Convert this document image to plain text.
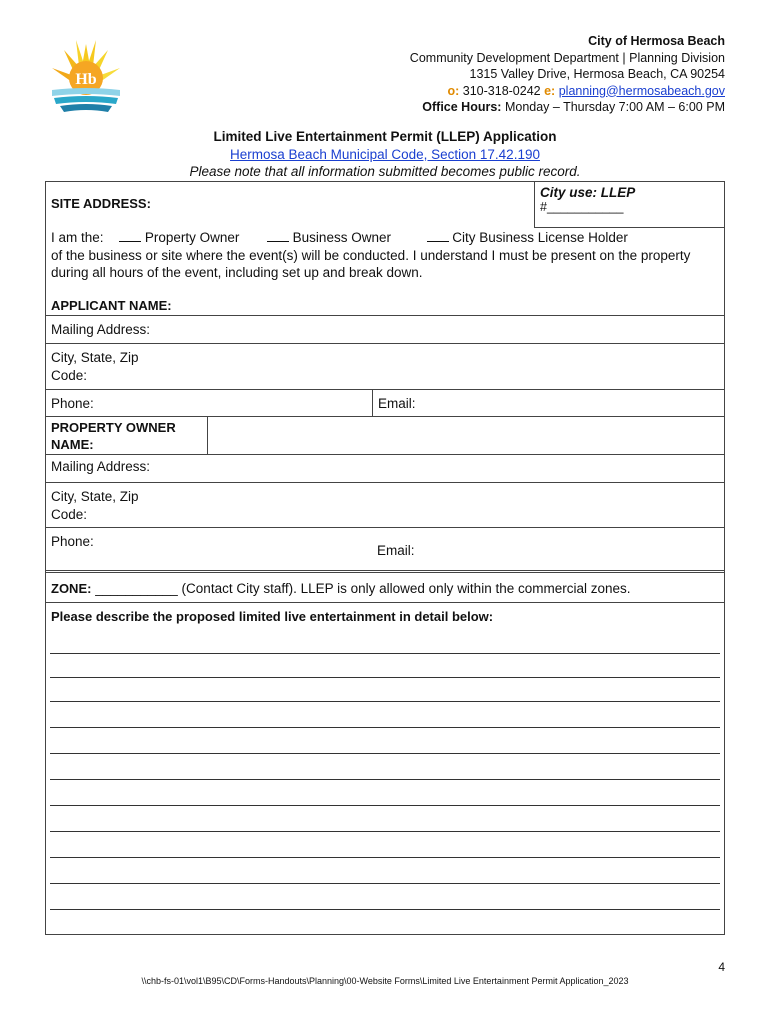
Hb
City of Hermosa Beach
Community Development Department | Planning Division
1315 Valley Drive, Hermosa Beach, CA 90254
o: 310-318-0242 e: planning@hermosabeach.gov
Office Hours: Monday – Thursday 7:00 AM – 6:00 PM
Limited Live Entertainment Permit (LLEP) Application
Hermosa Beach Municipal Code, Section 17.42.190
Please note that all information submitted becomes public record.
SITE ADDRESS:
City use: LLEP
#___________
I am the:	Property Owner	Business Owner	City Business License Holder
of the business or site where the event(s) will be conducted. I understand I must be present on the property during all hours of the event, including set up and break down.
APPLICANT NAME:
Mailing Address:
City, State, Zip Code:
Phone:	Email:
PROPERTY OWNER NAME:
Mailing Address:
City, State, Zip Code:
Phone:
Email:
ZONE: ___________ (Contact City staff). LLEP is only allowed only within the commercial zones.
Please describe the proposed limited live entertainment in detail below:
4
\\chb-fs-01\vol1\B95\CD\Forms-Handouts\Planning\00-Website Forms\Limited Live Entertainment Permit Application_2023
